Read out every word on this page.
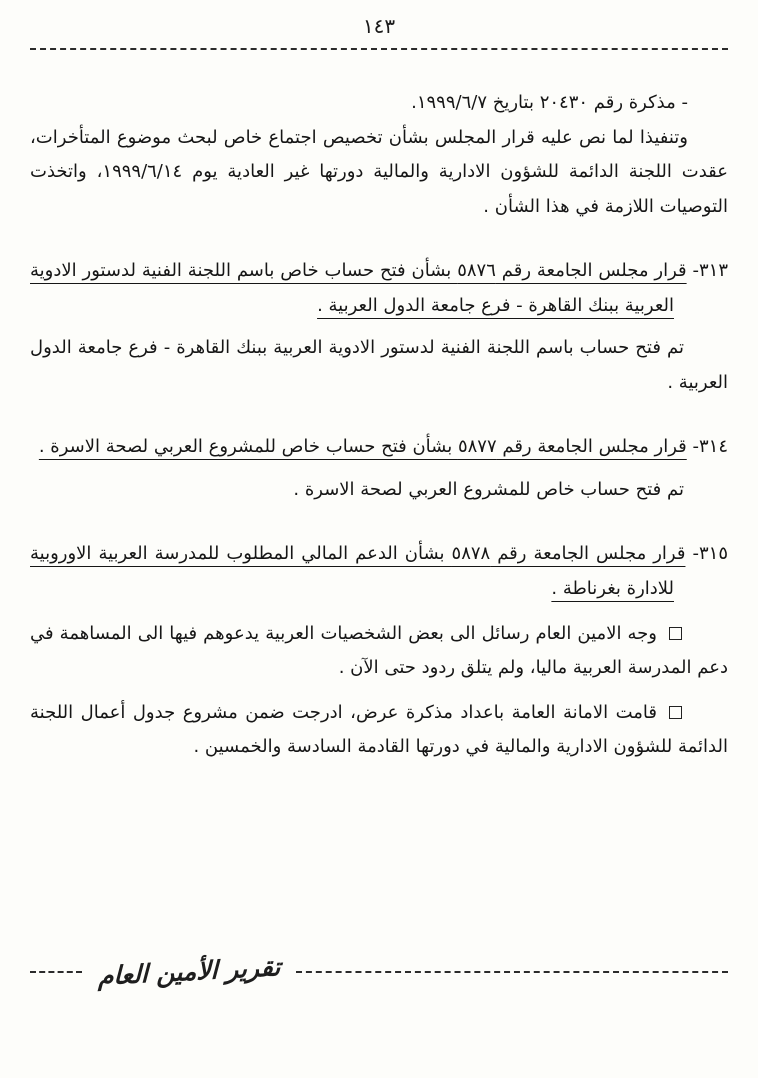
١٤٣

- مذكرة رقم ٢٠٤٣٠ بتاريخ ١٩٩٩/٦/٧.

وتنفيذا لما نص عليه قرار المجلس بشأن تخصيص اجتماع خاص لبحث موضوع المتأخرات، عقدت اللجنة الدائمة للشؤون الادارية والمالية دورتها غير العادية يوم ١٩٩٩/٦/١٤، واتخذت التوصيات اللازمة في هذا الشأن .

٣١٣- قرار مجلس الجامعة رقم ٥٨٧٦ بشأن فتح حساب خاص باسم اللجنة الفنية لدستور الادوية العربية ببنك القاهرة - فرع جامعة الدول العربية .

تم فتح حساب باسم اللجنة الفنية لدستور الادوية العربية ببنك القاهرة - فرع جامعة الدول العربية .

٣١٤- قرار مجلس الجامعة رقم ٥٨٧٧ بشأن فتح حساب خاص للمشروع العربي لصحة الاسرة .

تم فتح حساب خاص للمشروع العربي لصحة الاسرة .

٣١٥- قرار مجلس الجامعة رقم ٥٨٧٨ بشأن الدعم المالي المطلوب للمدرسة العربية الاوروبية للادارة بغرناطة .

وجه الامين العام رسائل الى بعض الشخصيات العربية يدعوهم فيها الى المساهمة في دعم المدرسة العربية ماليا، ولم يتلق ردود حتى الآن .

قامت الامانة العامة باعداد مذكرة عرض، ادرجت ضمن مشروع جدول أعمال اللجنة الدائمة للشؤون الادارية والمالية في دورتها القادمة السادسة والخمسين .

تقرير الأمين العام
